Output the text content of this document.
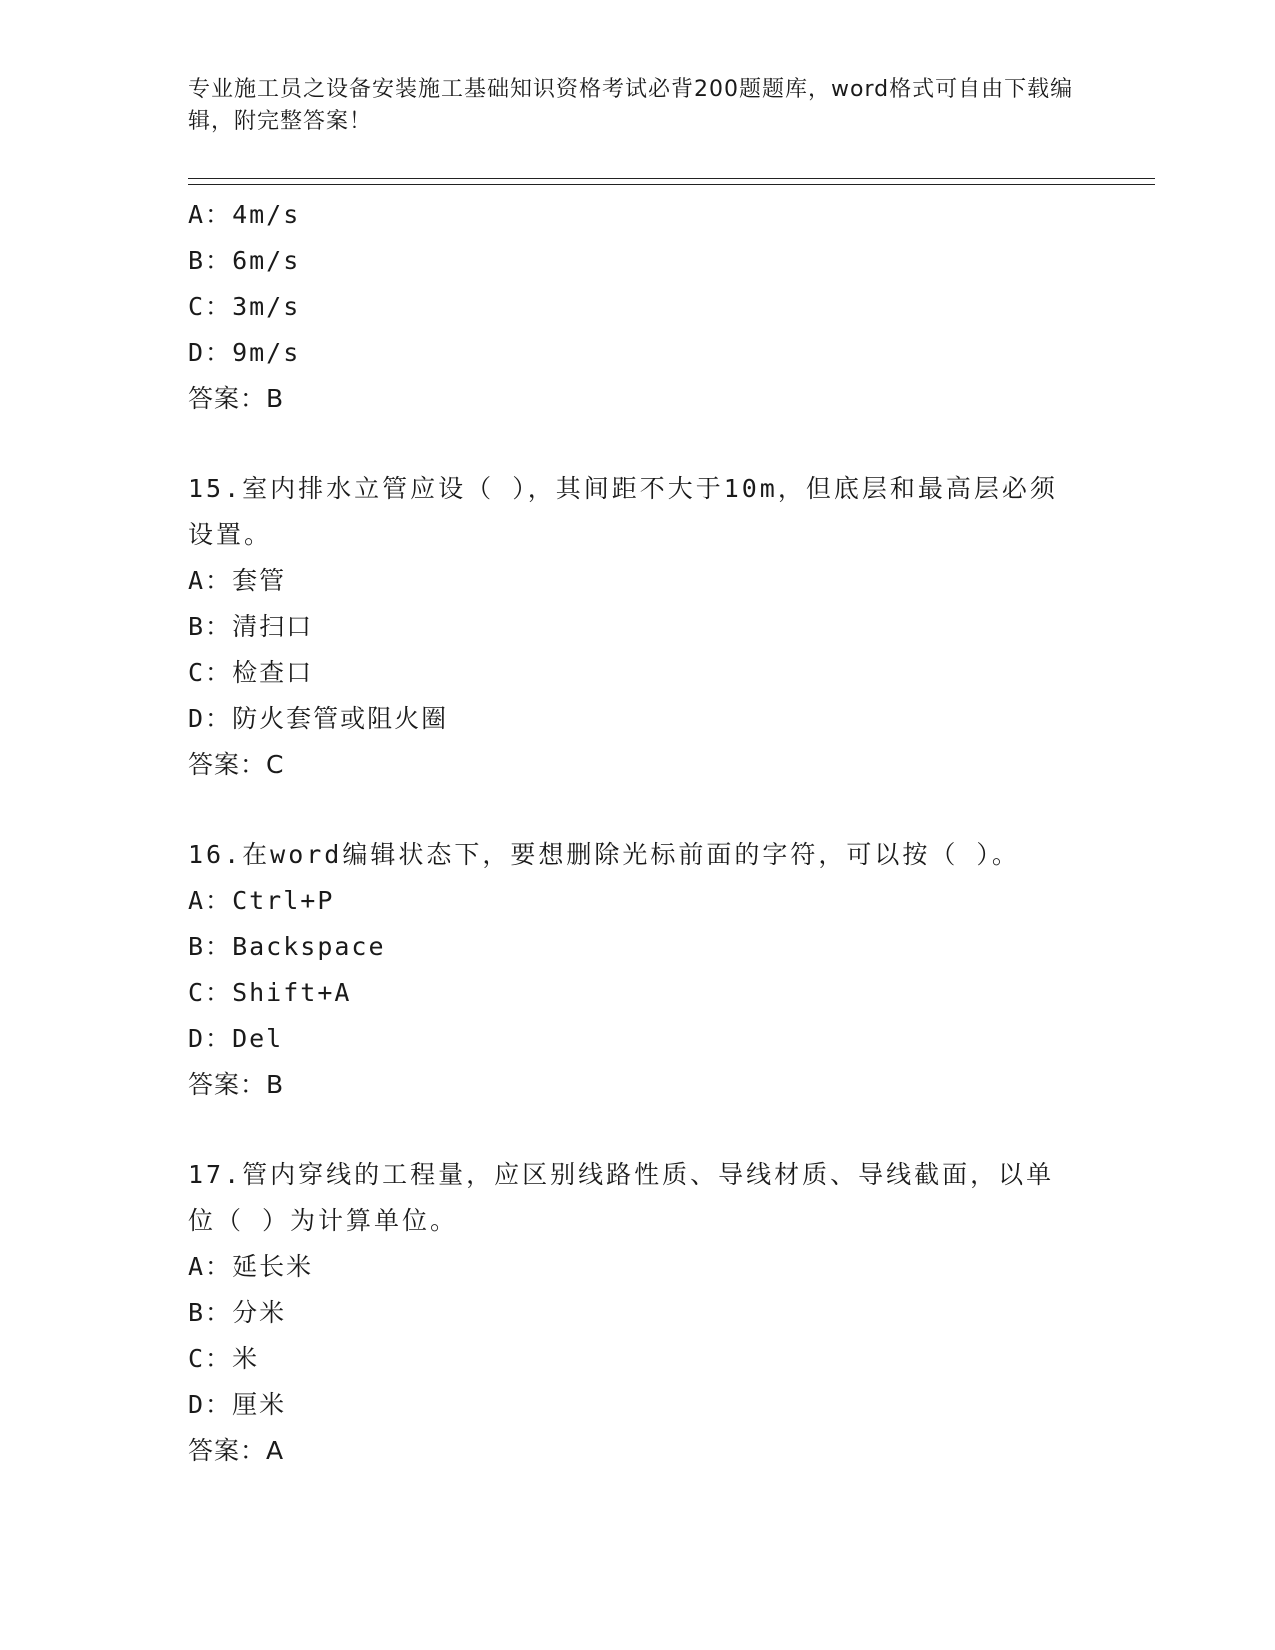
专业施工员之设备安装施工基础知识资格考试必背200题题库，word格式可自由下载编辑，附完整答案！
A：4m/s
B：6m/s
C：3m/s
D：9m/s
答案：B
15.室内排水立管应设（ ），其间距不大于10m，但底层和最高层必须设置。
A：套管
B：清扫口
C：检查口
D：防火套管或阻火圈
答案：C
16.在word编辑状态下，要想删除光标前面的字符，可以按（ ）。
A：Ctrl+P
B：Backspace
C：Shift+A
D：Del
答案：B
17.管内穿线的工程量，应区别线路性质、导线材质、导线截面，以单位（ ）为计算单位。
A：延长米
B：分米
C：米
D：厘米
答案：A
